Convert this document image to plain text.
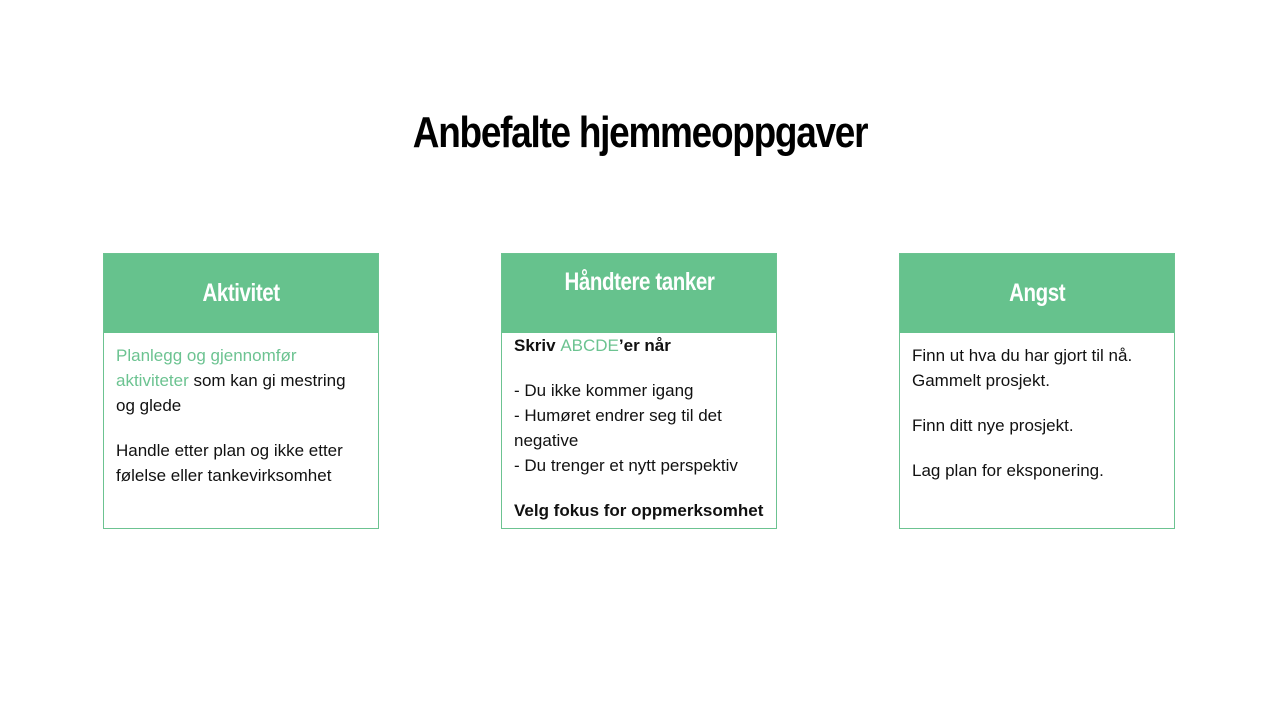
Anbefalte hjemmeoppgaver
Aktivitet

Planlegg og gjennomfør aktiviteter som kan gi mestring og glede

Handle etter plan og ikke etter følelse eller tankevirksomhet

Håndtere tanker

Skriv ABCDE’er når

- Du ikke kommer igang

- Humøret endrer seg til det negative

- Du trenger et nytt perspektiv

Velg fokus for oppmerksomhet

Angst

Finn ut hva du har gjort til nå. Gammelt prosjekt.

Finn ditt nye prosjekt.

Lag plan for eksponering.
